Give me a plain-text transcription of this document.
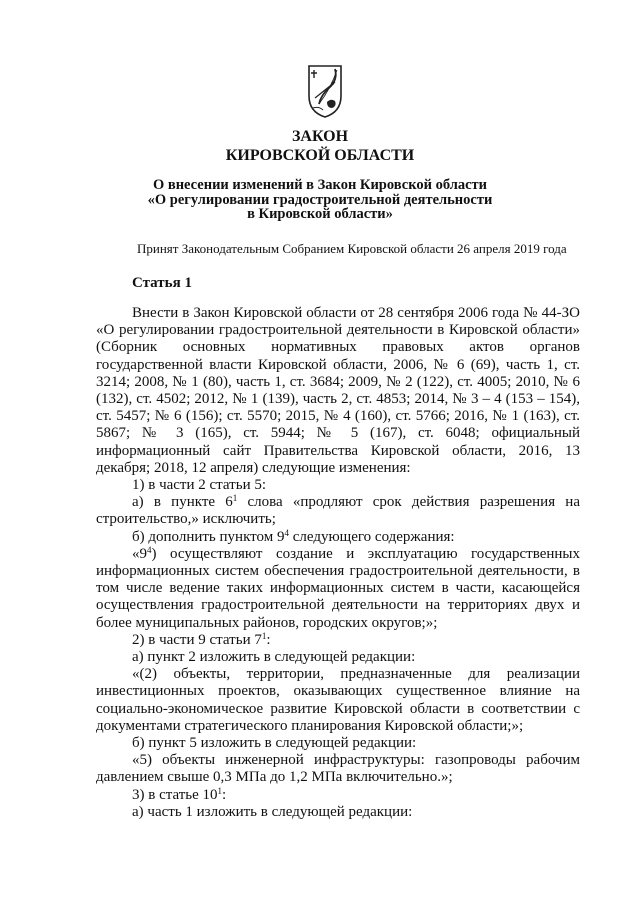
ЗАКОН
КИРОВСКОЙ ОБЛАСТИ
О внесении изменений в Закон Кировской области
«О регулировании градостроительной деятельности
в Кировской области»
Принят Законодательным Собранием Кировской области 26 апреля 2019 года
Статья 1

Внести в Закон Кировской области от 28 сентября 2006 года № 44-ЗО «О регулировании градостроительной деятельности в Кировской области» (Сборник основных нормативных правовых актов органов государственной власти Кировской области, 2006, № 6 (69), часть 1, ст. 3214; 2008, № 1 (80), часть 1, ст. 3684; 2009, № 2 (122), ст. 4005; 2010, № 6 (132), ст. 4502; 2012, № 1 (139), часть 2, ст. 4853; 2014, № 3 – 4 (153 – 154), ст. 5457; № 6 (156); ст. 5570; 2015, № 4 (160), ст. 5766; 2016, № 1 (163), ст. 5867; № 3 (165), ст. 5944; № 5 (167), ст. 6048; официальный информационный сайт Правительства Кировской области, 2016, 13 декабря; 2018, 12 апреля) следующие изменения:

1) в части 2 статьи 5:

а) в пункте $6^1$ слова «продляют срок действия разрешения на строительство,» исключить;

б) дополнить пунктом $9^4$ следующего содержания:

«$9^4$) осуществляют создание и эксплуатацию государственных информационных систем обеспечения градостроительной деятельности, в том числе ведение таких информационных систем в части, касающейся осуществления градостроительной деятельности на территориях двух и более муниципальных районов, городских округов;»;

2) в части 9 статьи $7^1$:

а) пункт 2 изложить в следующей редакции:

«(2) объекты, территории, предназначенные для реализации инвестиционных проектов, оказывающих существенное влияние на социально-экономическое развитие Кировской области в соответствии с документами стратегического планирования Кировской области;»;

б) пункт 5 изложить в следующей редакции:

«5) объекты инженерной инфраструктуры: газопроводы рабочим давлением свыше 0,3 МПа до 1,2 МПа включительно.»;

3) в статье $10^1$:

а) часть 1 изложить в следующей редакции:
